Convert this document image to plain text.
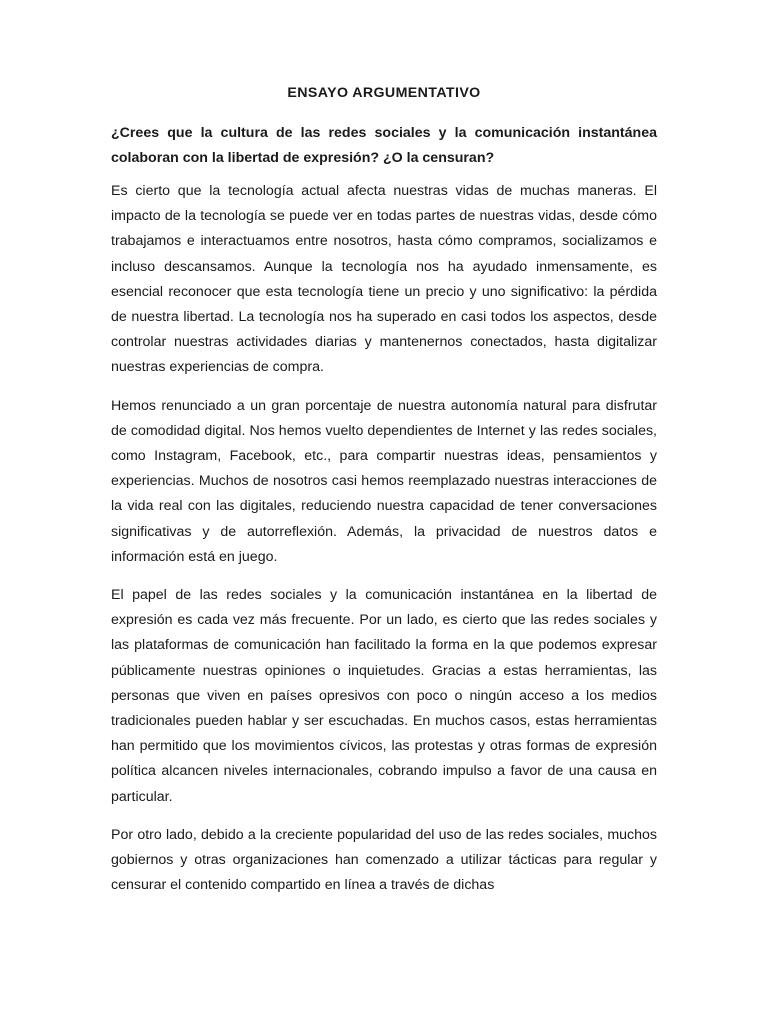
ENSAYO ARGUMENTATIVO

¿Crees que la cultura de las redes sociales y la comunicación instantánea colaboran con la libertad de expresión? ¿O la censuran?

Es cierto que la tecnología actual afecta nuestras vidas de muchas maneras. El impacto de la tecnología se puede ver en todas partes de nuestras vidas, desde cómo trabajamos e interactuamos entre nosotros, hasta cómo compramos, socializamos e incluso descansamos. Aunque la tecnología nos ha ayudado inmensamente, es esencial reconocer que esta tecnología tiene un precio y uno significativo: la pérdida de nuestra libertad. La tecnología nos ha superado en casi todos los aspectos, desde controlar nuestras actividades diarias y mantenernos conectados, hasta digitalizar nuestras experiencias de compra.

Hemos renunciado a un gran porcentaje de nuestra autonomía natural para disfrutar de comodidad digital. Nos hemos vuelto dependientes de Internet y las redes sociales, como Instagram, Facebook, etc., para compartir nuestras ideas, pensamientos y experiencias. Muchos de nosotros casi hemos reemplazado nuestras interacciones de la vida real con las digitales, reduciendo nuestra capacidad de tener conversaciones significativas y de autorreflexión. Además, la privacidad de nuestros datos e información está en juego.

El papel de las redes sociales y la comunicación instantánea en la libertad de expresión es cada vez más frecuente. Por un lado, es cierto que las redes sociales y las plataformas de comunicación han facilitado la forma en la que podemos expresar públicamente nuestras opiniones o inquietudes. Gracias a estas herramientas, las personas que viven en países opresivos con poco o ningún acceso a los medios tradicionales pueden hablar y ser escuchadas. En muchos casos, estas herramientas han permitido que los movimientos cívicos, las protestas y otras formas de expresión política alcancen niveles internacionales, cobrando impulso a favor de una causa en particular.

Por otro lado, debido a la creciente popularidad del uso de las redes sociales, muchos gobiernos y otras organizaciones han comenzado a utilizar tácticas para regular y censurar el contenido compartido en línea a través de dichas
